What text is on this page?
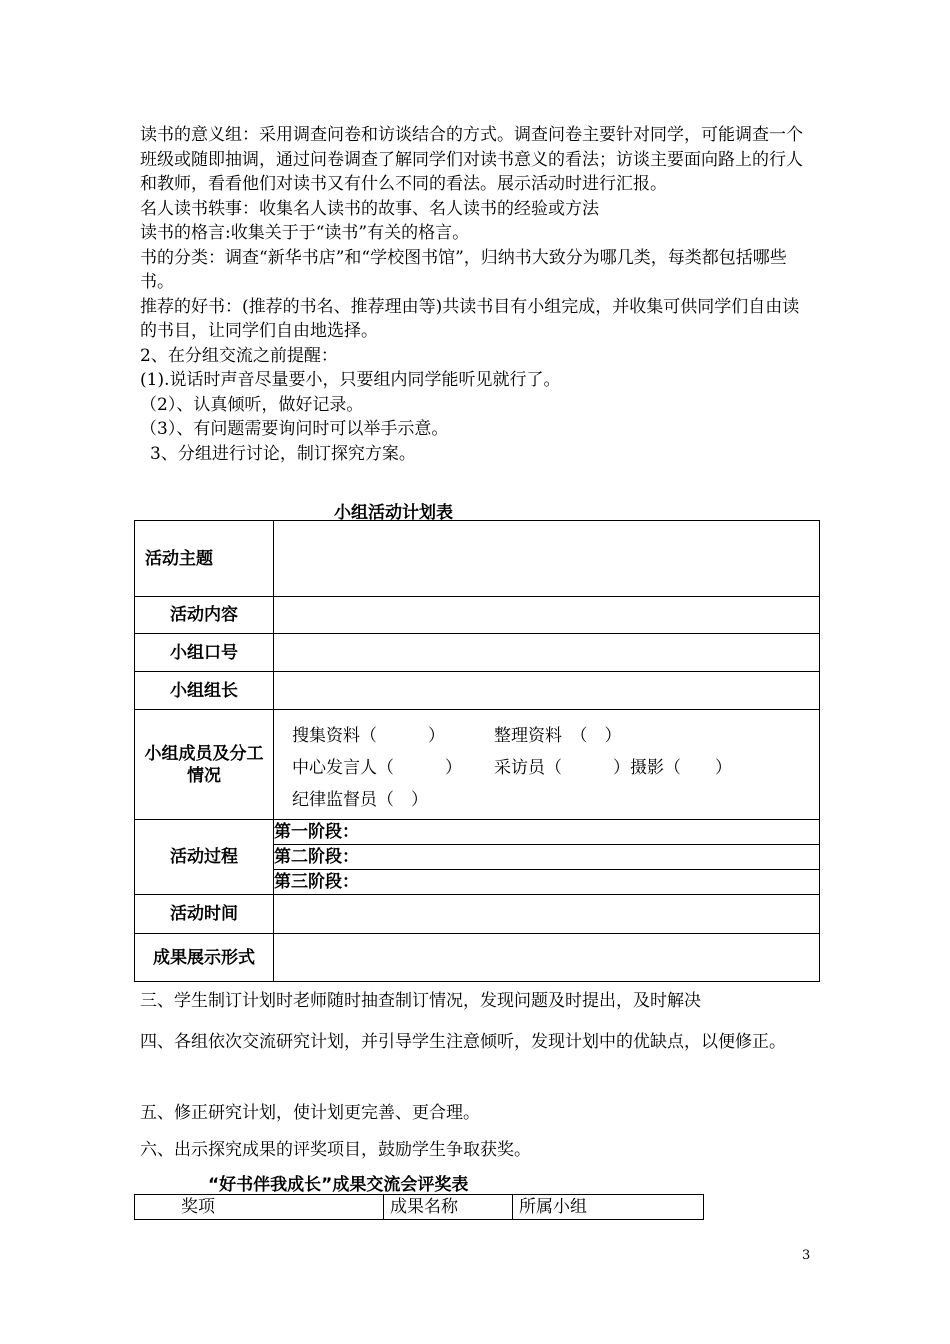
读书的意义组：采用调查问卷和访谈结合的方式。调查问卷主要针对同学，可能调查一个班级或随即抽调，通过问卷调查了解同学们对读书意义的看法；访谈主要面向路上的行人和教师，看看他们对读书又有什么不同的看法。展示活动时进行汇报。

名人读书轶事：收集名人读书的故事、名人读书的经验或方法

读书的格言:收集关于于“读书”有关的格言。

书的分类：调查“新华书店”和“学校图书馆”，归纳书大致分为哪几类，每类都包括哪些书。

推荐的好书：(推荐的书名、推荐理由等)共读书目有小组完成，并收集可供同学们自由读的书目，让同学们自由地选择。

2、在分组交流之前提醒：

(1).说话时声音尽量要小，只要组内同学能听见就行了。

（2）、认真倾听，做好记录。

（3）、有问题需要询问时可以举手示意。

3、分组进行讨论，制订探究方案。

小组活动计划表
活动主题	
活动内容	
小组口号	
小组组长	
小组成员及分工情况	搜集资料（　　　） 整理资料　（　）
中心发言人（　　　） 采访员（　　　）摄影（　　）
纪律监督员（　）

活动过程	第一阶段：
	第二阶段：
	第三阶段：
活动时间	
成果展示形式	

三、学生制订计划时老师随时抽查制订情况，发现问题及时提出，及时解决

四、各组依次交流研究计划，并引导学生注意倾听，发现计划中的优缺点，以便修正。

五、修正研究计划，使计划更完善、更合理。

六、出示探究成果的评奖项目，鼓励学生争取获奖。

“好书伴我成长”成果交流会评奖表
奖项	成果名称	所属小组
3
